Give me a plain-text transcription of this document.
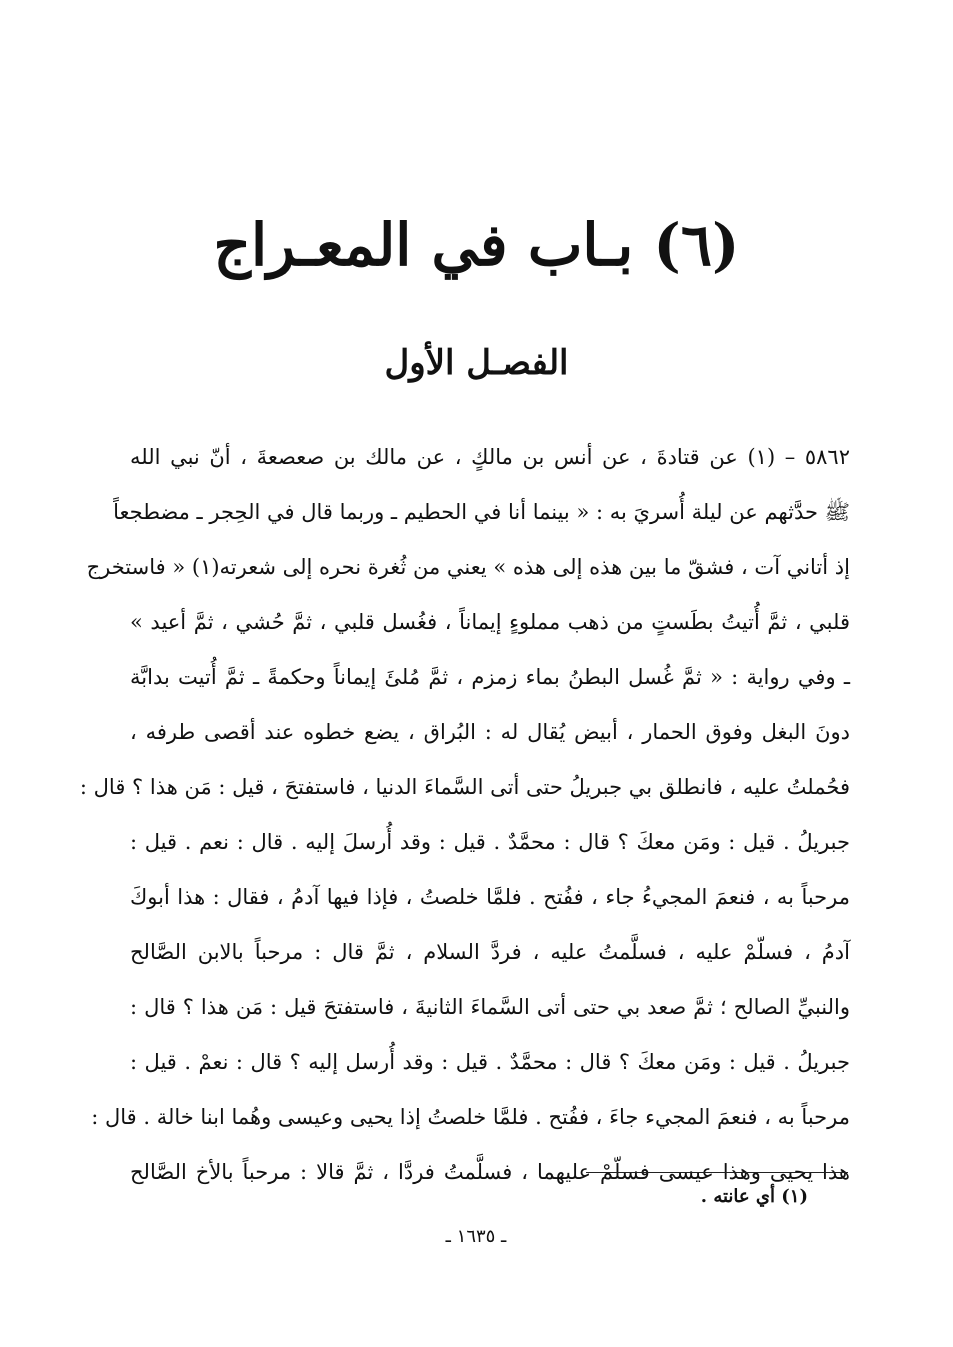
(٦) بـاب في المعـراج
الفصـل الأول
٥٨٦٢ – (١) عن قتادةَ ، عن أنس بن مالكٍ ، عن مالك بن صعصعةَ ، أنّ نبي الله
ﷺ حدَّثهم عن ليلة أُسريَ به : « بينما أنا في الحطيم ـ وربما قال في الحِجر ـ مضطجعاً
إذ أتاني آت ، فشقّ ما بين هذه إلى هذه » يعني من ثُغرة نحره إلى شعرته(١) « فاستخرج
قلبي ، ثمَّ أُتيتُ بطَستٍ من ذهب مملوءٍ إيماناً ، فغُسل قلبي ، ثمَّ حُشي ، ثمَّ أعيد »
ـ وفي رواية : « ثمَّ غُسل البطنُ بماء زمزم ، ثمَّ مُلئَ إيماناً وحكمةً ـ ثمَّ أُتيت بدابَّة
دونَ البغل وفوق الحمار ، أبيض يُقال له : البُراق ، يضع خطوه عند أقصى طرفه ،
فحُملتُ عليه ، فانطلق بي جبريلُ حتى أتى السَّماءَ الدنيا ، فاستفتحَ ، قيل : مَن هذا ؟ قال :
جبريلُ . قيل : ومَن معكَ ؟ قال : محمَّدٌ . قيل : وقد أُرسلَ إليه . قال : نعم . قيل :
مرحباً به ، فنعمَ المجيءُ جاء ، ففُتح . فلمَّا خلصتُ ، فإذا فيها آدمُ ، فقال : هذا أبوكَ
آدمُ ، فسلّمْ عليه ، فسلَّمتُ عليه ، فردَّ السلام ، ثمَّ قال : مرحباً بالابن الصَّالح
والنبيِّ الصالح ؛ ثمَّ صعد بي حتى أتى السَّماءَ الثانيةَ ، فاستفتحَ قيل : مَن هذا ؟ قال :
جبريلُ . قيل : ومَن معكَ ؟ قال : محمَّدٌ . قيل : وقد أُرسل إليه ؟ قال : نعمْ . قيل :
مرحباً به ، فنعمَ المجيء جاءَ ، ففُتح . فلمَّا خلصتُ إذا يحيى وعيسى وهُما ابنا خالة . قال :
هذا يحيى وهذا عيسى فسلّمْ عليهما ، فسلَّمتُ فردَّا ، ثمَّ قالا : مرحباً بالأخ الصَّالح
(١) أي عانته .
ـ ١٦٣٥ ـ
